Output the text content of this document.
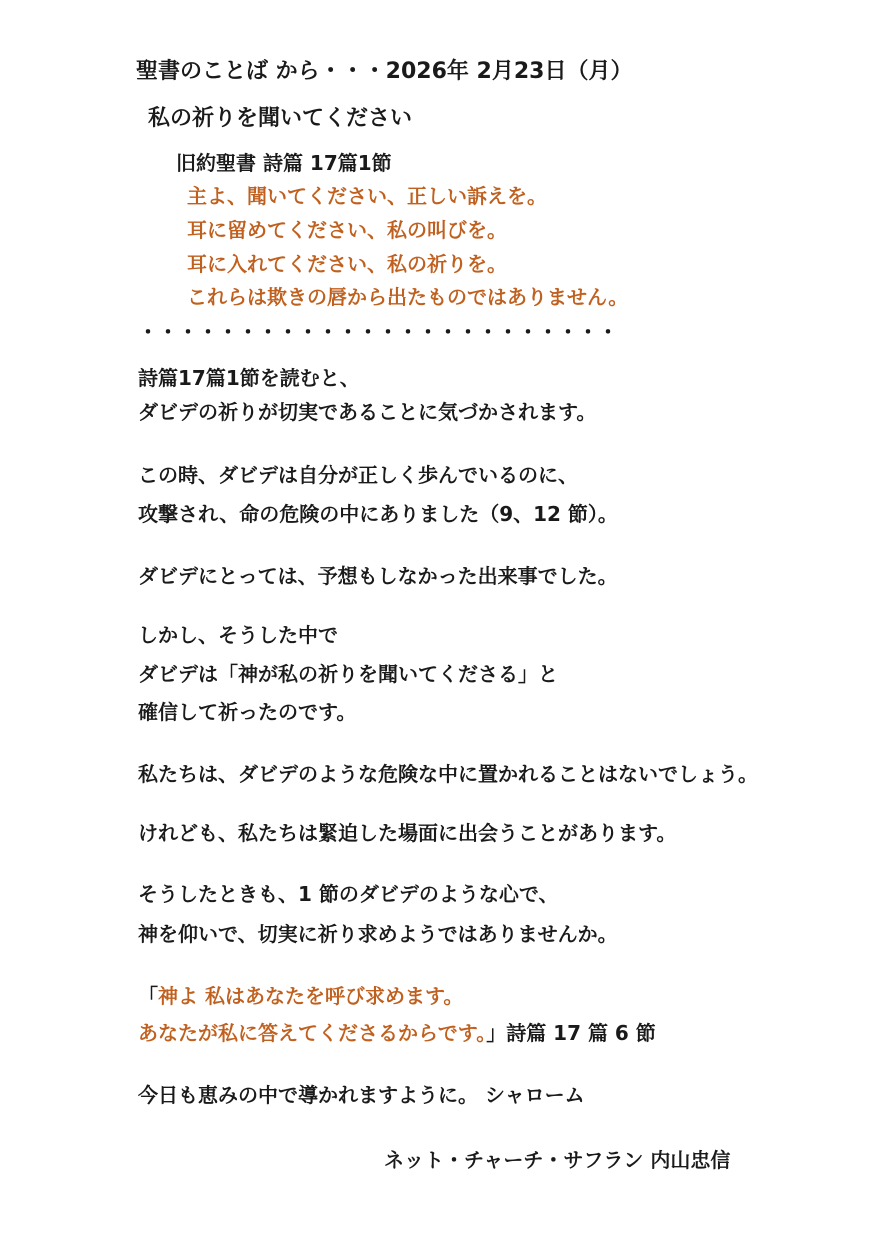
聖書のことば から・・・2026年 2月23日（月）
私の祈りを聞いてください
旧約聖書 詩篇 17篇1節
主よ、聞いてください、正しい訴えを。
耳に留めてください、私の叫びを。
耳に入れてください、私の祈りを。
これらは欺きの唇から出たものではありません。
・・・・・・・・・・・・・・・・・・・・・・・・
詩篇17篇1節を読むと、
ダビデの祈りが切実であることに気づかされます。
この時、ダビデは自分が正しく歩んでいるのに、
攻撃され、命の危険の中にありました（9、12 節）。
ダビデにとっては、予想もしなかった出来事でした。
しかし、そうした中で
ダビデは「神が私の祈りを聞いてくださる」と
確信して祈ったのです。
私たちは、ダビデのような危険な中に置かれることはないでしょう。
けれども、私たちは緊迫した場面に出会うことがあります。
そうしたときも、1 節のダビデのような心で、
神を仰いで、切実に祈り求めようではありませんか。
「神よ 私はあなたを呼び求めます。
あなたが私に答えてくださるからです。」詩篇 17 篇 6 節
今日も恵みの中で導かれますように。 シャローム
ネット・チャーチ・サフラン 内山忠信
